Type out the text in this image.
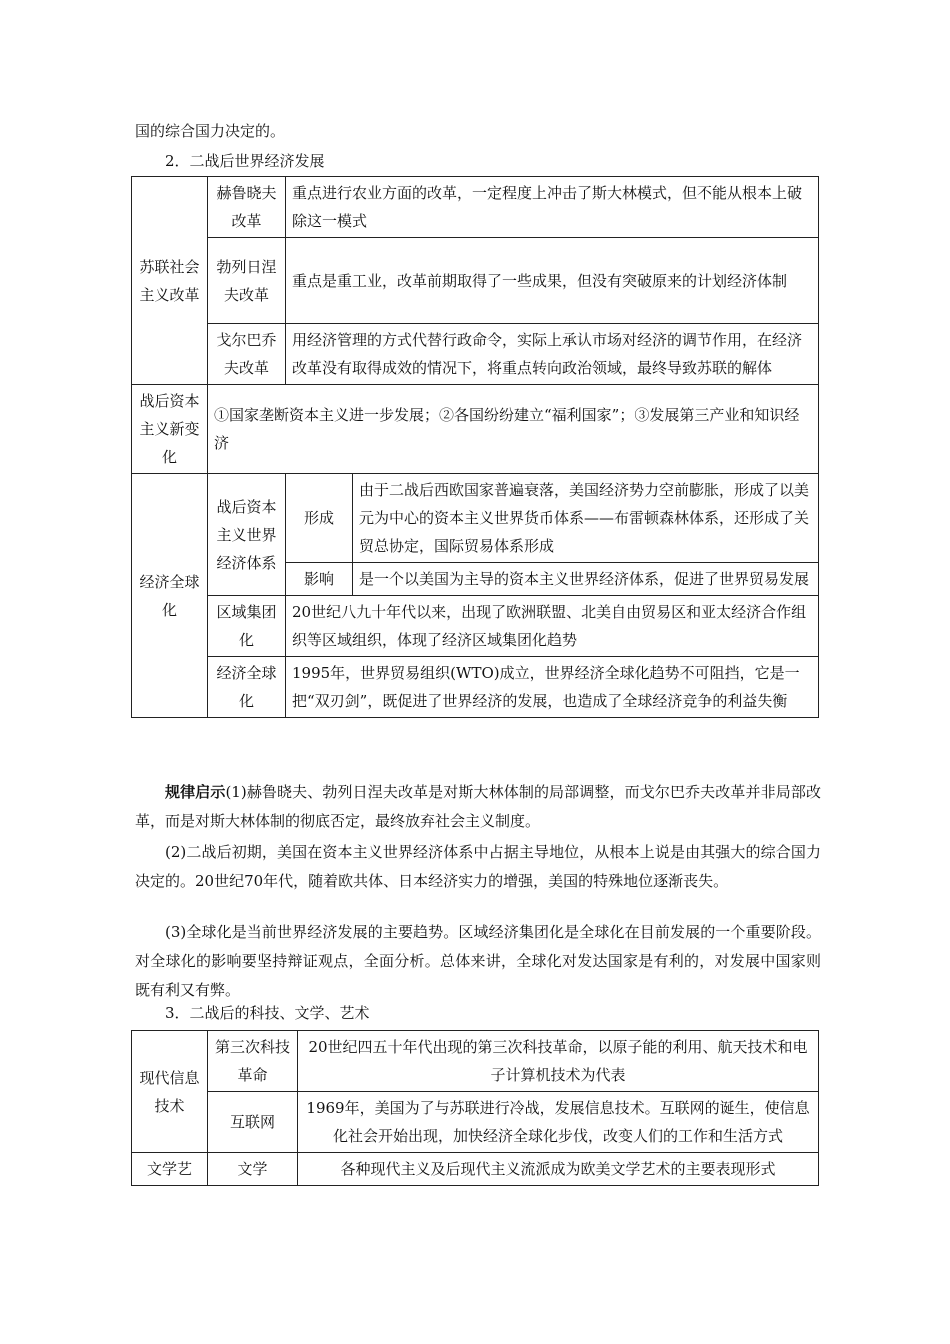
国的综合国力决定的。
2．二战后世界经济发展
苏联社会主义改革	赫鲁晓夫改革	重点进行农业方面的改革，一定程度上冲击了斯大林模式，但不能从根本上破除这一模式	
	勃列日涅夫改革	重点是重工业，改革前期取得了一些成果，但没有突破原来的计划经济体制	
	戈尔巴乔夫改革	用经济管理的方式代替行政命令，实际上承认市场对经济的调节作用，在经济改革没有取得成效的情况下，将重点转向政治领域，最终导致苏联的解体	
战后资本主义新变化	①国家垄断资本主义进一步发展；②各国纷纷建立“福利国家”；③发展第三产业和知识经济		
经济全球化	战后资本主义世界经济体系	形成	由于二战后西欧国家普遍衰落，美国经济势力空前膨胀，形成了以美元为中心的资本主义世界货币体系——布雷顿森林体系，还形成了关贸总协定，国际贸易体系形成
		影响	是一个以美国为主导的资本主义世界经济体系，促进了世界贸易发展
	区域集团化	20世纪八九十年代以来，出现了欧洲联盟、北美自由贸易区和亚太经济合作组织等区域组织，体现了经济区域集团化趋势	
	经济全球化	1995年，世界贸易组织(WTO)成立，世界经济全球化趋势不可阻挡，它是一把“双刃剑”，既促进了世界经济的发展，也造成了全球经济竞争的利益失衡	
规律启示(1)赫鲁晓夫、勃列日涅夫改革是对斯大林体制的局部调整，而戈尔巴乔夫改革并非局部改革，而是对斯大林体制的彻底否定，最终放弃社会主义制度。
(2)二战后初期，美国在资本主义世界经济体系中占据主导地位，从根本上说是由其强大的综合国力决定的。20世纪70年代，随着欧共体、日本经济实力的增强，美国的特殊地位逐渐丧失。
(3)全球化是当前世界经济发展的主要趋势。区域经济集团化是全球化在目前发展的一个重要阶段。对全球化的影响要坚持辩证观点，全面分析。总体来讲，全球化对发达国家是有利的，对发展中国家则既有利又有弊。
3．二战后的科技、文学、艺术
现代信息技术	第三次科技革命	20世纪四五十年代出现的第三次科技革命，以原子能的利用、航天技术和电子计算机技术为代表
	互联网	1969年，美国为了与苏联进行冷战，发展信息技术。互联网的诞生，使信息化社会开始出现，加快经济全球化步伐，改变人们的工作和生活方式
文学艺	文学	各种现代主义及后现代主义流派成为欧美文学艺术的主要表现形式
